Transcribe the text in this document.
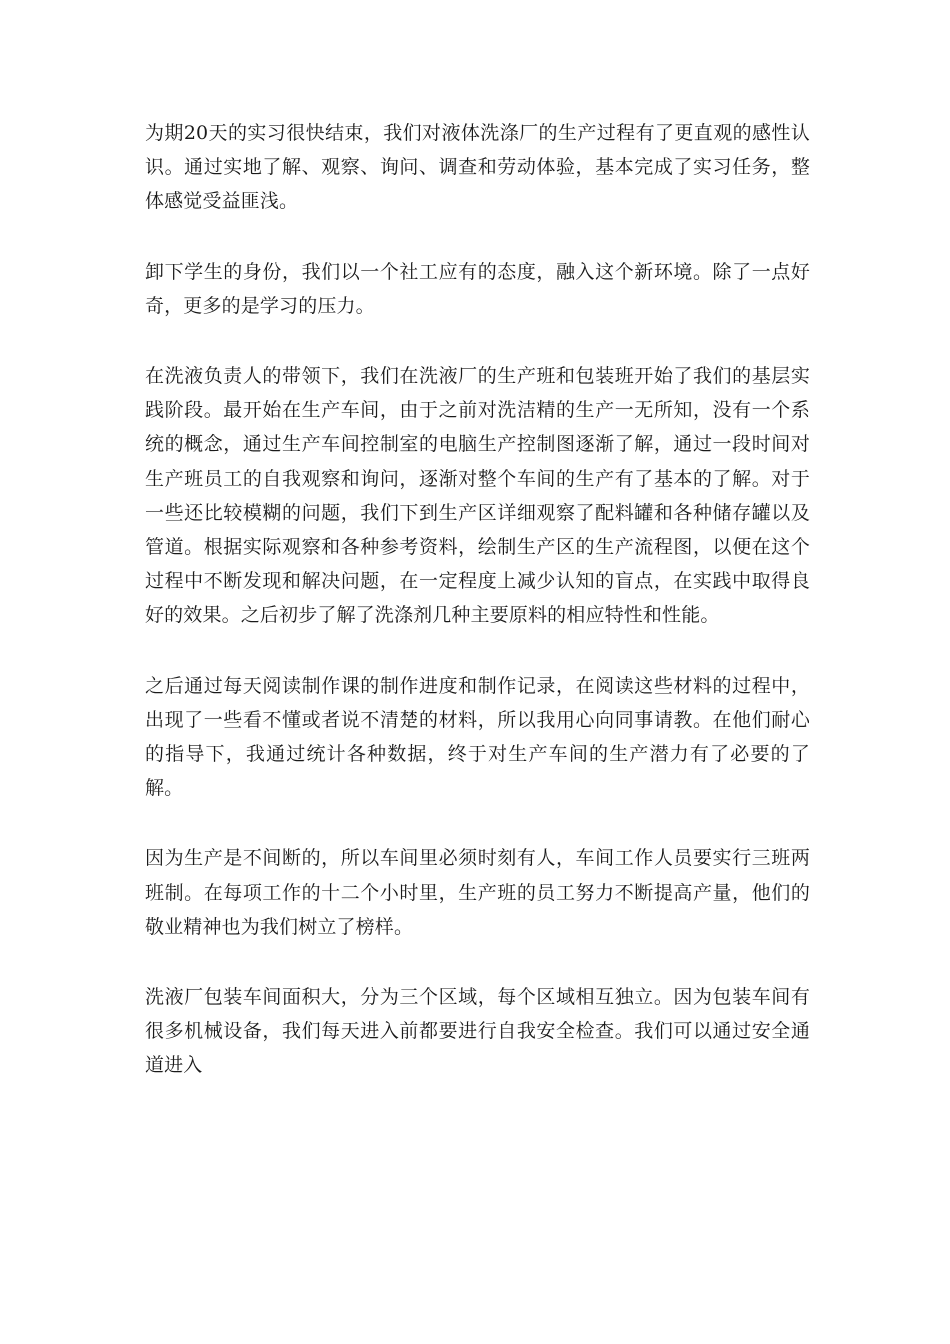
为期20天的实习很快结束，我们对液体洗涤厂的生产过程有了更直观的感性认识。通过实地了解、观察、询问、调查和劳动体验，基本完成了实习任务，整体感觉受益匪浅。

卸下学生的身份，我们以一个社工应有的态度，融入这个新环境。除了一点好奇，更多的是学习的压力。

在洗液负责人的带领下，我们在洗液厂的生产班和包装班开始了我们的基层实践阶段。最开始在生产车间，由于之前对洗洁精的生产一无所知，没有一个系统的概念，通过生产车间控制室的电脑生产控制图逐渐了解，通过一段时间对生产班员工的自我观察和询问，逐渐对整个车间的生产有了基本的了解。对于一些还比较模糊的问题，我们下到生产区详细观察了配料罐和各种储存罐以及管道。根据实际观察和各种参考资料，绘制生产区的生产流程图，以便在这个过程中不断发现和解决问题，在一定程度上减少认知的盲点，在实践中取得良好的效果。之后初步了解了洗涤剂几种主要原料的相应特性和性能。

之后通过每天阅读制作课的制作进度和制作记录，在阅读这些材料的过程中，出现了一些看不懂或者说不清楚的材料，所以我用心向同事请教。在他们耐心的指导下，我通过统计各种数据，终于对生产车间的生产潜力有了必要的了解。

因为生产是不间断的，所以车间里必须时刻有人，车间工作人员要实行三班两班制。在每项工作的十二个小时里，生产班的员工努力不断提高产量，他们的敬业精神也为我们树立了榜样。

洗液厂包装车间面积大，分为三个区域，每个区域相互独立。因为包装车间有很多机械设备，我们每天进入前都要进行自我安全检查。我们可以通过安全通道进入
